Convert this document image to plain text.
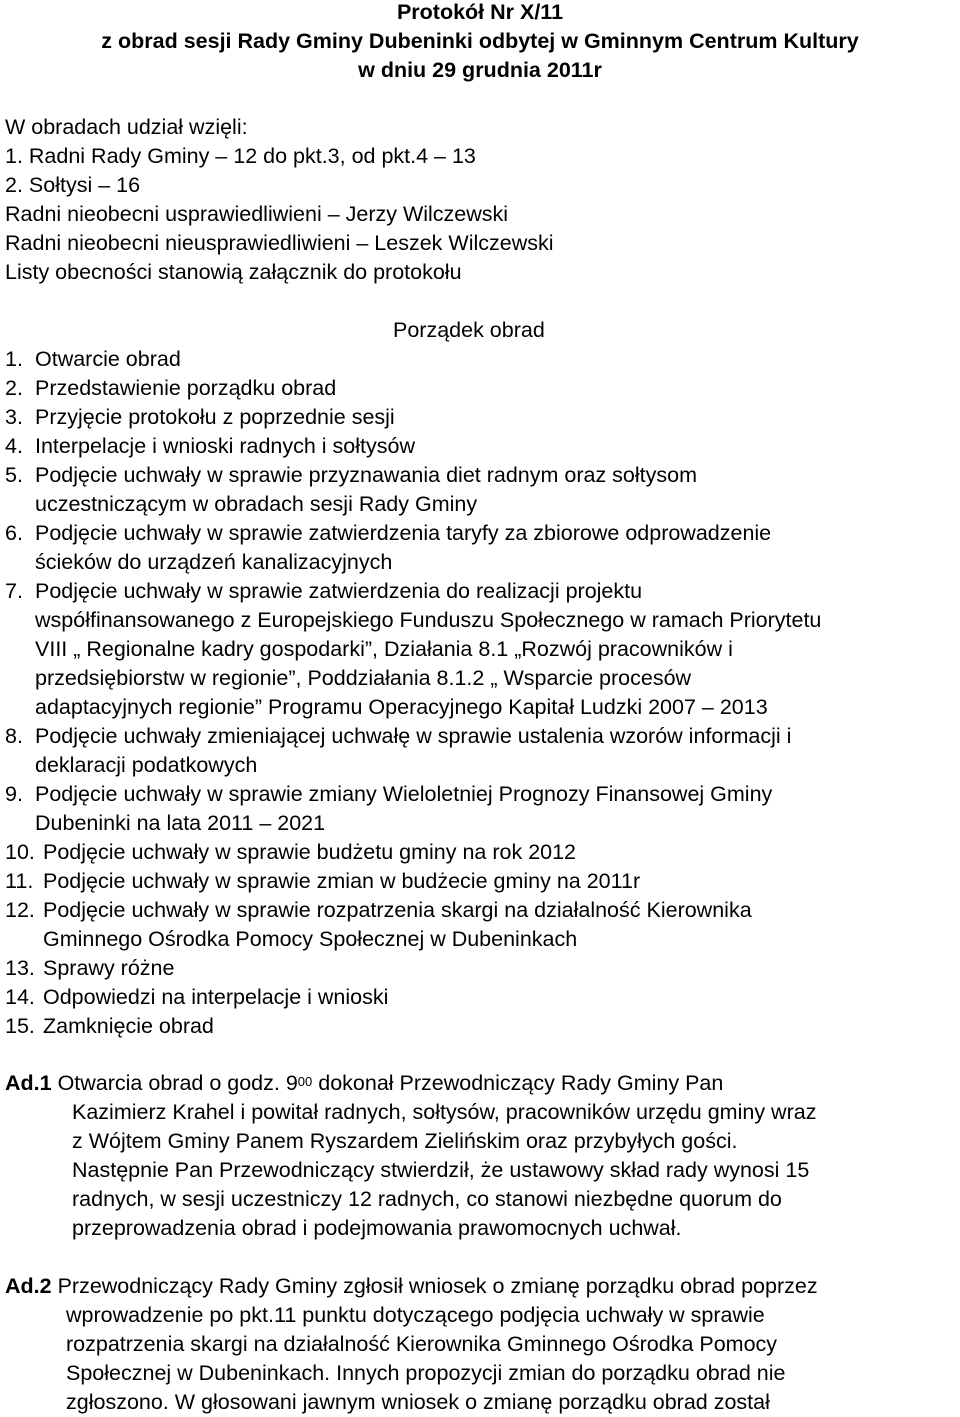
Protokół Nr X/11

z obrad sesji Rady Gminy Dubeninki odbytej w Gminnym Centrum Kultury

w dniu 29 grudnia 2011r

W obradach udział wzięli:

1. Radni Rady Gminy – 12 do pkt.3, od pkt.4 – 13

2. Sołtysi – 16

Radni nieobecni usprawiedliwieni – Jerzy Wilczewski

Radni nieobecni nieusprawiedliwieni – Leszek Wilczewski

Listy obecności stanowią załącznik do protokołu

Porządek obrad

1. Otwarcie obrad

2. Przedstawienie porządku obrad

3. Przyjęcie protokołu z poprzednie sesji

4. Interpelacje i wnioski radnych i sołtysów

5. Podjęcie uchwały w sprawie przyznawania diet radnym oraz sołtysom

uczestniczącym w obradach sesji Rady Gminy

6. Podjęcie uchwały w sprawie zatwierdzenia taryfy za zbiorowe odprowadzenie

ścieków do urządzeń kanalizacyjnych

7. Podjęcie uchwały w sprawie zatwierdzenia do realizacji projektu

współfinansowanego z Europejskiego Funduszu Społecznego w ramach Priorytetu

VIII „ Regionalne kadry gospodarki”, Działania 8.1 „Rozwój pracowników i

przedsiębiorstw w regionie”, Poddziałania 8.1.2 „ Wsparcie procesów

adaptacyjnych regionie” Programu Operacyjnego Kapitał Ludzki 2007 – 2013

8. Podjęcie uchwały zmieniającej uchwałę w sprawie ustalenia wzorów informacji i

deklaracji podatkowych

9. Podjęcie uchwały w sprawie zmiany Wieloletniej Prognozy Finansowej Gminy

Dubeninki na lata 2011 – 2021

10. Podjęcie uchwały w sprawie budżetu gminy na rok 2012

11. Podjęcie uchwały w sprawie zmian w budżecie gminy na 2011r

12. Podjęcie uchwały w sprawie rozpatrzenia skargi na działalność Kierownika

Gminnego Ośrodka Pomocy Społecznej w Dubeninkach

13. Sprawy różne

14. Odpowiedzi na interpelacje i wnioski

15. Zamknięcie obrad

Ad.1 Otwarcia obrad o godz. $9^{00}$ dokonał Przewodniczący Rady Gminy Pan

Kazimierz Krahel i powitał radnych, sołtysów, pracowników urzędu gminy wraz

z Wójtem Gminy Panem Ryszardem Zielińskim oraz przybyłych gości.

Następnie Pan Przewodniczący stwierdził, że ustawowy skład rady wynosi 15

radnych, w sesji uczestniczy 12 radnych, co stanowi niezbędne quorum do

przeprowadzenia obrad i podejmowania prawomocnych uchwał.

Ad.2 Przewodniczący Rady Gminy zgłosił wniosek o zmianę porządku obrad poprzez

wprowadzenie po pkt.11 punktu dotyczącego podjęcia uchwały w sprawie

rozpatrzenia skargi na działalność Kierownika Gminnego Ośrodka Pomocy

Społecznej w Dubeninkach. Innych propozycji zmian do porządku obrad nie

zgłoszono. W głosowani jawnym wniosek o zmianę porządku obrad został
